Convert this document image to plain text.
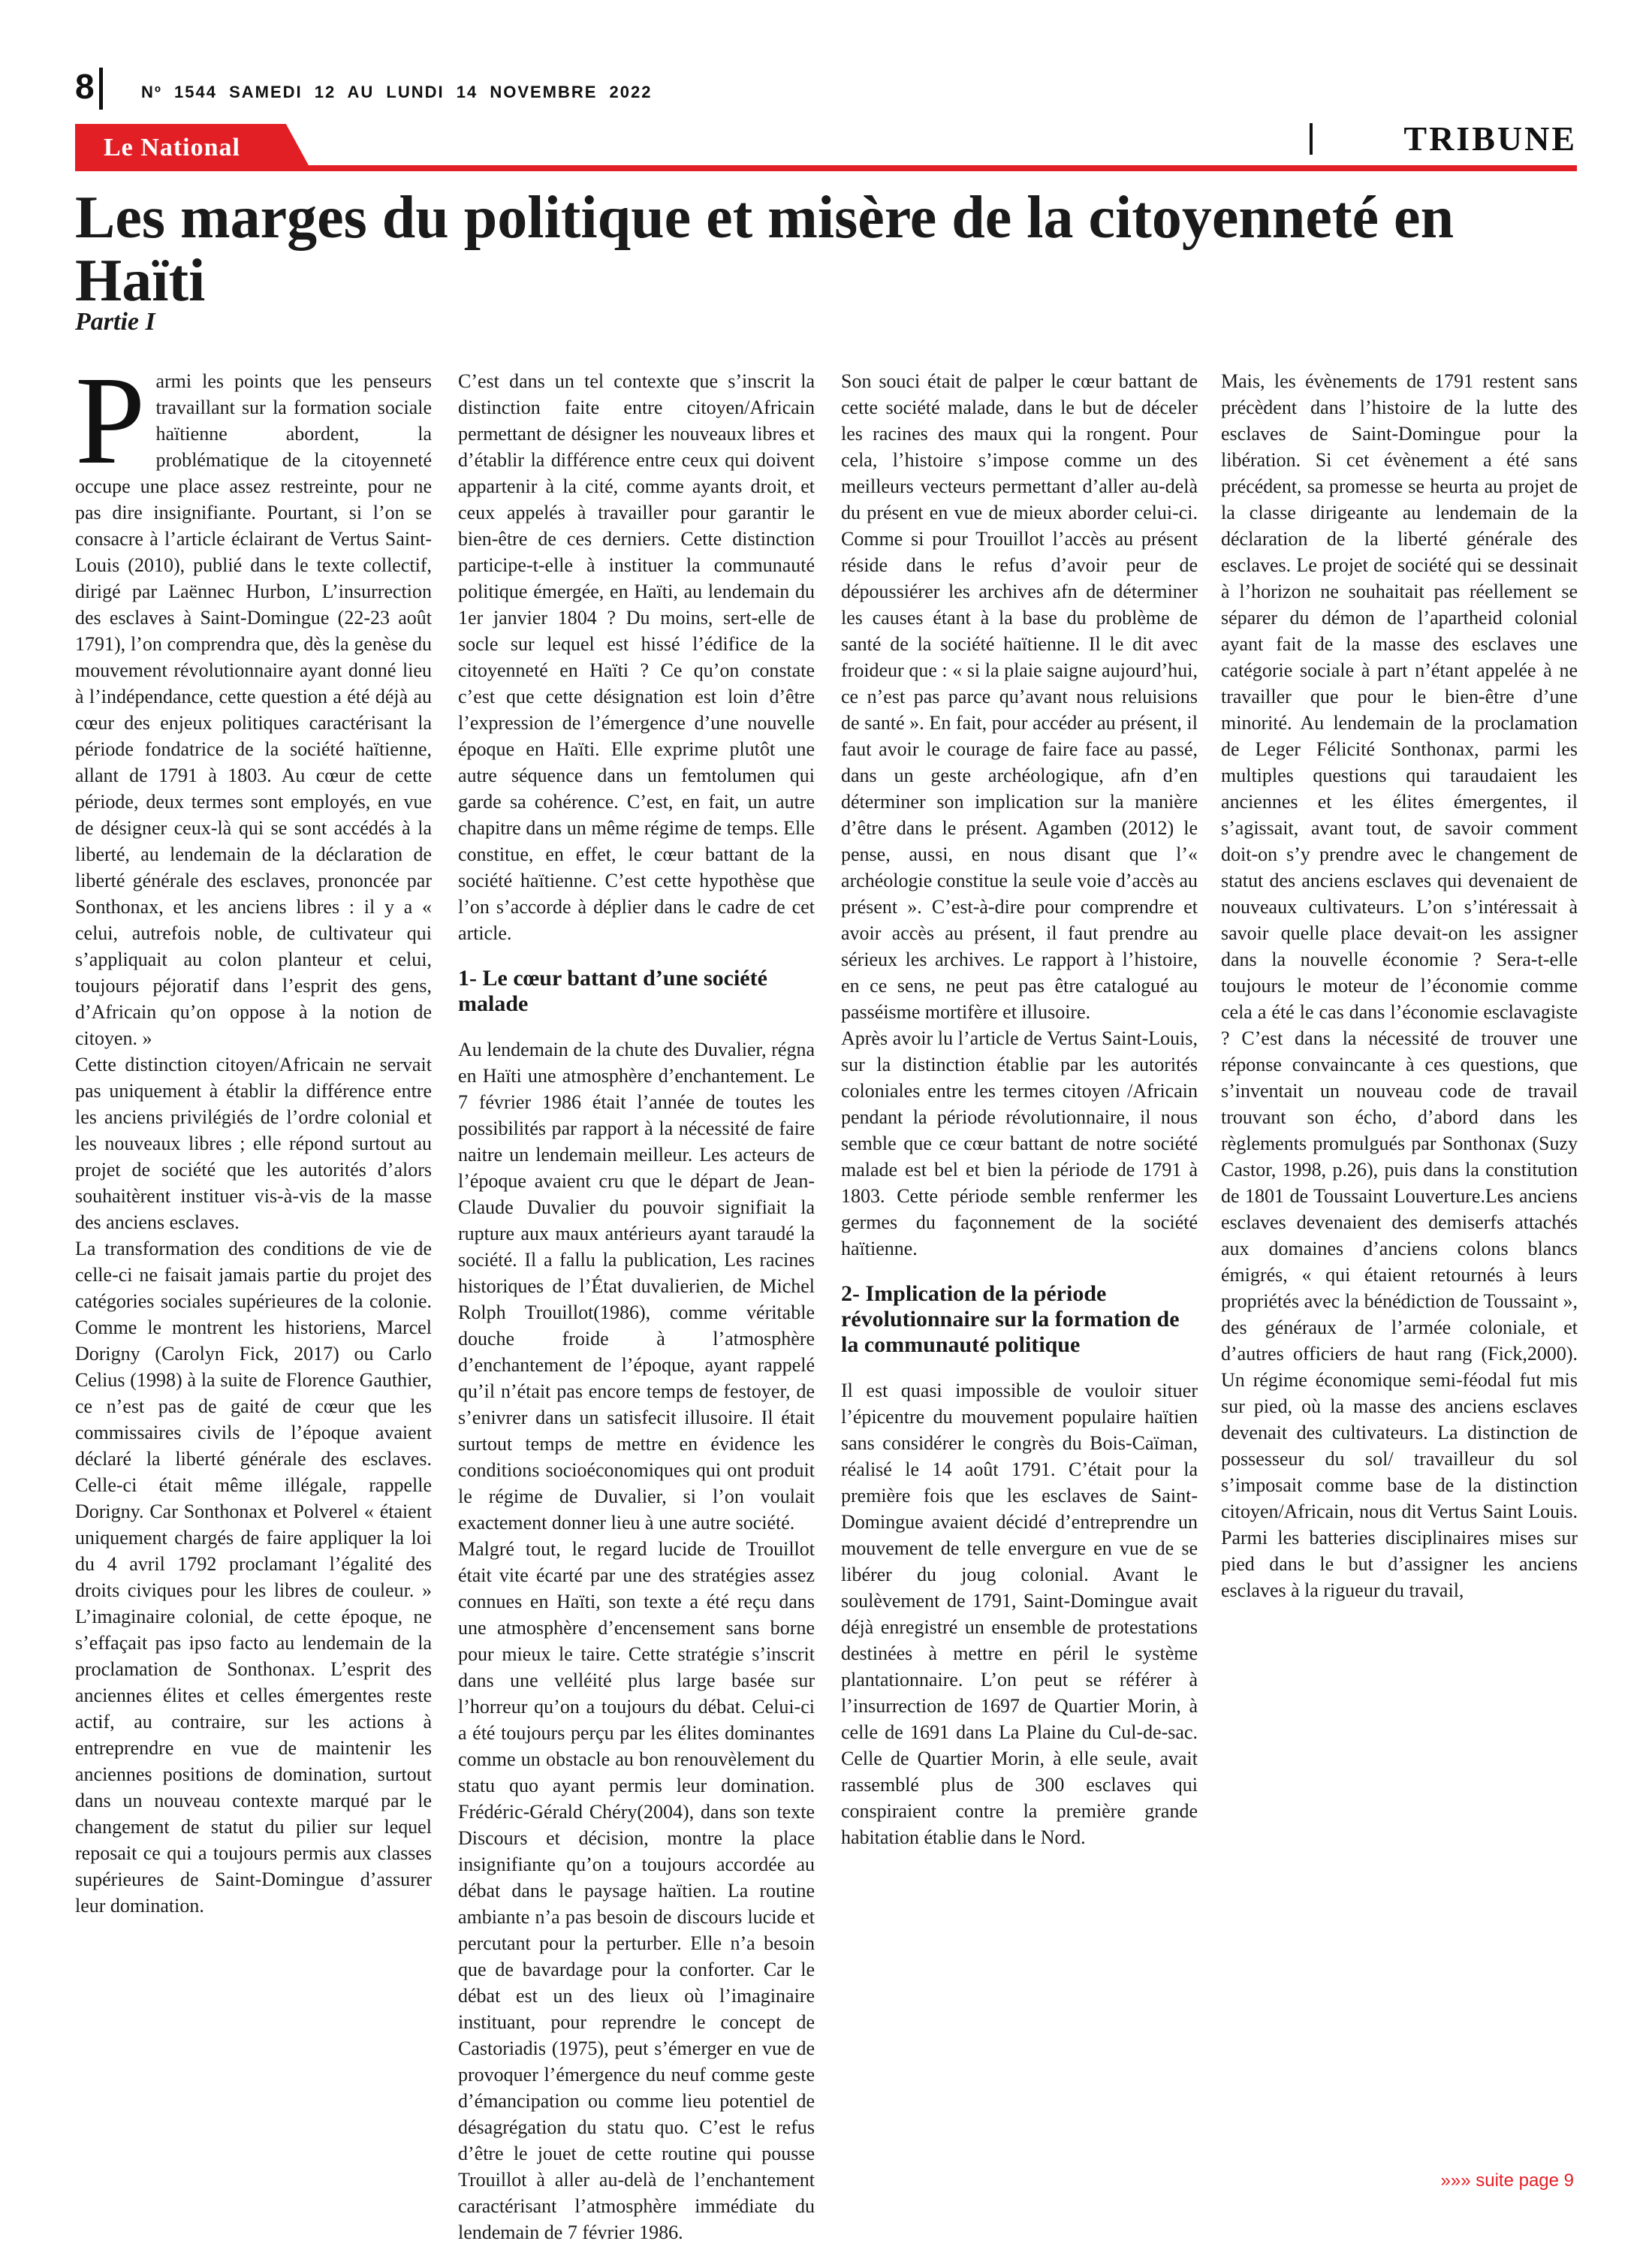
8	Nº 1544 SAMEDI 12 AU LUNDI 14 NOVEMBRE 2022
Le National	TRIBUNE
Les marges du politique et misère de la citoyenneté en Haïti
Partie I

Parmi les points que les penseurs travaillant sur la formation sociale haïtienne abordent, la problématique de la citoyenneté occupe une place assez restreinte, pour ne pas dire insignifiante. Pourtant, si l’on se consacre à l’article éclairant de Vertus Saint-Louis (2010), publié dans le texte collectif, dirigé par Laënnec Hurbon, L’insurrection des esclaves à Saint-Domingue (22-23 août 1791), l’on comprendra que, dès la genèse du mouvement révolutionnaire ayant donné lieu à l’indépendance, cette question a été déjà au cœur des enjeux politiques caractérisant la période fondatrice de la société haïtienne, allant de 1791 à 1803. Au cœur de cette période, deux termes sont employés, en vue de désigner ceux-là qui se sont accédés à la liberté, au lendemain de la déclaration de liberté générale des esclaves, prononcée par Sonthonax, et les anciens libres : il y a « celui, autrefois noble, de cultivateur qui s’appliquait au colon planteur et celui, toujours péjoratif dans l’esprit des gens, d’Africain qu’on oppose à la notion de citoyen. »

Cette distinction citoyen/Africain ne servait pas uniquement à établir la différence entre les anciens privilégiés de l’ordre colonial et les nouveaux libres ; elle répond surtout au projet de société que les autorités d’alors souhaitèrent instituer vis-à-vis de la masse des anciens esclaves.

La transformation des conditions de vie de celle-ci ne faisait jamais partie du projet des catégories sociales supérieures de la colonie. Comme le montrent les historiens, Marcel Dorigny (Carolyn Fick, 2017) ou Carlo Celius (1998) à la suite de Florence Gauthier, ce n’est pas de gaité de cœur que les commissaires civils de l’époque avaient déclaré la liberté générale des esclaves. Celle-ci était même illégale, rappelle Dorigny. Car Sonthonax et Polverel « étaient uniquement chargés de faire appliquer la loi du 4 avril 1792 proclamant l’égalité des droits civiques pour les libres de couleur. » L’imaginaire colonial, de cette époque, ne s’effaçait pas ipso facto au lendemain de la proclamation de Sonthonax. L’esprit des anciennes élites et celles émergentes reste actif, au contraire, sur les actions à entreprendre en vue de maintenir les anciennes positions de domination, surtout dans un nouveau contexte marqué par le changement de statut du pilier sur lequel reposait ce qui a toujours permis aux classes supérieures de Saint-Domingue d’assurer leur domination.

C’est dans un tel contexte que s’inscrit la distinction faite entre citoyen/Africain permettant de désigner les nouveaux libres et d’établir la différence entre ceux qui doivent appartenir à la cité, comme ayants droit, et ceux appelés à travailler pour garantir le bien-être de ces derniers. Cette distinction participe-t-elle à instituer la communauté politique émergée, en Haïti, au lendemain du 1er janvier 1804 ? Du moins, sert-elle de socle sur lequel est hissé l’édifice de la citoyenneté en Haïti ? Ce qu’on constate c’est que cette désignation est loin d’être l’expression de l’émergence d’une nouvelle époque en Haïti. Elle exprime plutôt une autre séquence dans un femtolumen qui garde sa cohérence. C’est, en fait, un autre chapitre dans un même régime de temps. Elle constitue, en effet, le cœur battant de la société haïtienne. C’est cette hypothèse que l’on s’accorde à déplier dans le cadre de cet article.

1- Le cœur battant d’une société malade

Au lendemain de la chute des Duvalier, régna en Haïti une atmosphère d’enchantement. Le 7 février 1986 était l’année de toutes les possibilités par rapport à la nécessité de faire naitre un lendemain meilleur. Les acteurs de l’époque avaient cru que le départ de Jean-Claude Duvalier du pouvoir signifiait la rupture aux maux antérieurs ayant taraudé la société. Il a fallu la publication, Les racines historiques de l’État duvalierien, de Michel Rolph Trouillot(1986), comme véritable douche froide à l’atmosphère d’enchantement de l’époque, ayant rappelé qu’il n’était pas encore temps de festoyer, de s’enivrer dans un satisfecit illusoire. Il était surtout temps de mettre en évidence les conditions socioéconomiques qui ont produit le régime de Duvalier, si l’on voulait exactement donner lieu à une autre société.

Malgré tout, le regard lucide de Trouillot était vite écarté par une des stratégies assez connues en Haïti, son texte a été reçu dans une atmosphère d’encensement sans borne pour mieux le taire. Cette stratégie s’inscrit dans une velléité plus large basée sur l’horreur qu’on a toujours du débat. Celui-ci a été toujours perçu par les élites dominantes comme un obstacle au bon renouvèlement du statu quo ayant permis leur domination. Frédéric-Gérald Chéry(2004), dans son texte Discours et décision, montre la place insignifiante qu’on a toujours accordée au débat dans le paysage haïtien. La routine ambiante n’a pas besoin de discours lucide et percutant pour la perturber. Elle n’a besoin que de bavardage pour la conforter. Car le débat est un des lieux où l’imaginaire instituant, pour reprendre le concept de Castoriadis (1975), peut s’émerger en vue de provoquer l’émergence du neuf comme geste d’émancipation ou comme lieu potentiel de désagrégation du statu quo. C’est le refus d’être le jouet de cette routine qui pousse Trouillot à aller au-delà de l’enchantement caractérisant l’atmosphère immédiate du lendemain de 7 février 1986.

Son souci était de palper le cœur battant de cette société malade, dans le but de déceler les racines des maux qui la rongent. Pour cela, l’histoire s’impose comme un des meilleurs vecteurs permettant d’aller au-delà du présent en vue de mieux aborder celui-ci. Comme si pour Trouillot l’accès au présent réside dans le refus d’avoir peur de dépoussiérer les archives afn de déterminer les causes étant à la base du problème de santé de la société haïtienne. Il le dit avec froideur que : « si la plaie saigne aujourd’hui, ce n’est pas parce qu’avant nous reluisions de santé ». En fait, pour accéder au présent, il faut avoir le courage de faire face au passé, dans un geste archéologique, afn d’en déterminer son implication sur la manière d’être dans le présent. Agamben (2012) le pense, aussi, en nous disant que l’« archéologie constitue la seule voie d’accès au présent ». C’est-à-dire pour comprendre et avoir accès au présent, il faut prendre au sérieux les archives. Le rapport à l’histoire, en ce sens, ne peut pas être catalogué au passéisme mortifère et illusoire.

Après avoir lu l’article de Vertus Saint-Louis, sur la distinction établie par les autorités coloniales entre les termes citoyen /Africain pendant la période révolutionnaire, il nous semble que ce cœur battant de notre société malade est bel et bien la période de 1791 à 1803. Cette période semble renfermer les germes du façonnement de la société haïtienne.

2- Implication de la période révolutionnaire sur la formation de la communauté politique

Il est quasi impossible de vouloir situer l’épicentre du mouvement populaire haïtien sans considérer le congrès du Bois-Caïman, réalisé le 14 août 1791. C’était pour la première fois que les esclaves de Saint-Domingue avaient décidé d’entreprendre un mouvement de telle envergure en vue de se libérer du joug colonial. Avant le soulèvement de 1791, Saint-Domingue avait déjà enregistré un ensemble de protestations destinées à mettre en péril le système plantationnaire. L’on peut se référer à l’insurrection de 1697 de Quartier Morin, à celle de 1691 dans La Plaine du Cul-de-sac. Celle de Quartier Morin, à elle seule, avait rassemblé plus de 300 esclaves qui conspiraient contre la première grande habitation établie dans le Nord.

Mais, les évènements de 1791 restent sans précèdent dans l’histoire de la lutte des esclaves de Saint-Domingue pour la libération. Si cet évènement a été sans précédent, sa promesse se heurta au projet de la classe dirigeante au lendemain de la déclaration de la liberté générale des esclaves. Le projet de société qui se dessinait à l’horizon ne souhaitait pas réellement se séparer du démon de l’apartheid colonial ayant fait de la masse des esclaves une catégorie sociale à part n’étant appelée à ne travailler que pour le bien-être d’une minorité. Au lendemain de la proclamation de Leger Félicité Sonthonax, parmi les multiples questions qui taraudaient les anciennes et les élites émergentes, il s’agissait, avant tout, de savoir comment doit-on s’y prendre avec le changement de statut des anciens esclaves qui devenaient de nouveaux cultivateurs. L’on s’intéressait à savoir quelle place devait-on les assigner dans la nouvelle économie ? Sera-t-elle toujours le moteur de l’économie comme cela a été le cas dans l’économie esclavagiste ? C’est dans la nécessité de trouver une réponse convaincante à ces questions, que s’inventait un nouveau code de travail trouvant son écho, d’abord dans les règlements promulgués par Sonthonax (Suzy Castor, 1998, p.26), puis dans la constitution de 1801 de Toussaint Louverture.Les anciens esclaves devenaient des demiserfs attachés aux domaines d’anciens colons blancs émigrés, « qui étaient retournés à leurs propriétés avec la bénédiction de Toussaint », des généraux de l’armée coloniale, et d’autres officiers de haut rang (Fick,2000). Un régime économique semi-féodal fut mis sur pied, où la masse des anciens esclaves devenait des cultivateurs. La distinction de possesseur du sol/ travailleur du sol s’imposait comme base de la distinction citoyen/Africain, nous dit Vertus Saint Louis. Parmi les batteries disciplinaires mises sur pied dans le but d’assigner les anciens esclaves à la rigueur du travail,

»»» suite page 9
